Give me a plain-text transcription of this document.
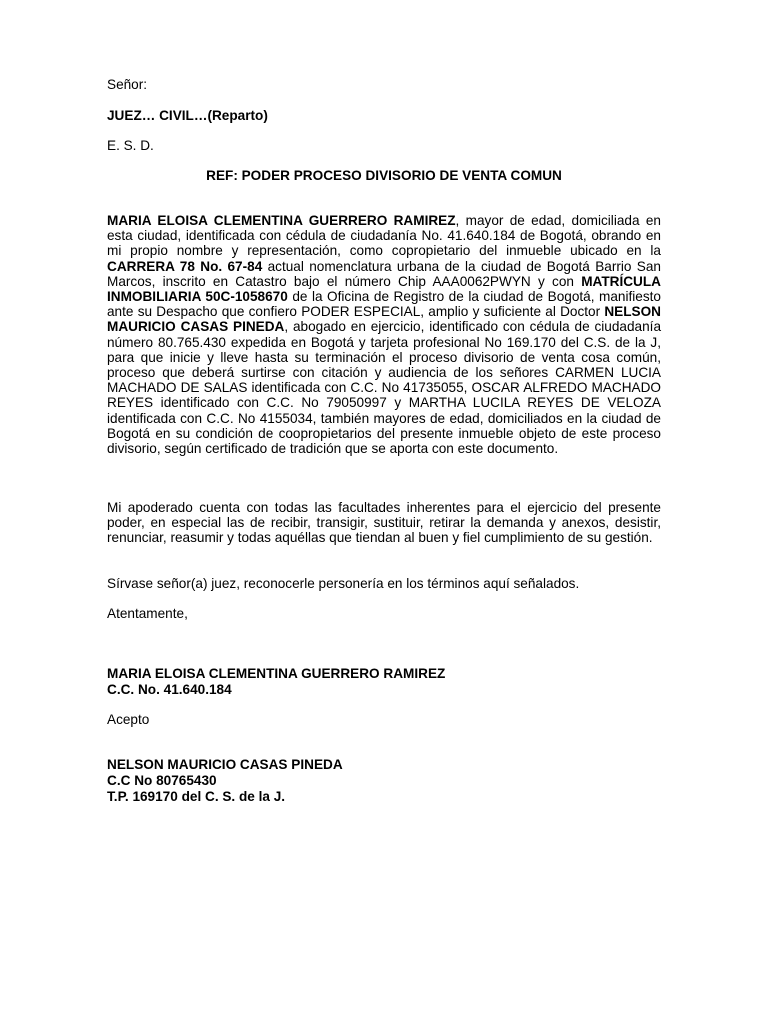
Señor:
JUEZ… CIVIL…(Reparto)
E. S. D.
REF: PODER PROCESO DIVISORIO DE VENTA COMUN
MARIA ELOISA CLEMENTINA GUERRERO RAMIREZ, mayor de edad, domiciliada en esta ciudad, identificada con cédula de ciudadanía No. 41.640.184 de Bogotá, obrando en mi propio nombre y representación, como copropietario del inmueble ubicado en la CARRERA 78 No. 67-84 actual nomenclatura urbana de la ciudad de Bogotá Barrio San Marcos, inscrito en Catastro bajo el número Chip AAA0062PWYN y con MATRÍCULA INMOBILIARIA 50C-1058670 de la Oficina de Registro de la ciudad de Bogotá, manifiesto ante su Despacho que confiero PODER ESPECIAL, amplio y suficiente al Doctor NELSON MAURICIO CASAS PINEDA, abogado en ejercicio, identificado con cédula de ciudadanía número 80.765.430 expedida en Bogotá y tarjeta profesional No 169.170 del C.S. de la J, para que inicie y lleve hasta su terminación el proceso divisorio de venta cosa común, proceso que deberá surtirse con citación y audiencia de los señores CARMEN LUCIA MACHADO DE SALAS identificada con C.C. No 41735055, OSCAR ALFREDO MACHADO REYES identificado con C.C. No 79050997 y MARTHA LUCILA REYES DE VELOZA identificada con C.C. No 4155034, también mayores de edad, domiciliados en la ciudad de Bogotá en su condición de coopropietarios del presente inmueble objeto de este proceso divisorio, según certificado de tradición que se aporta con este documento.
Mi apoderado cuenta con todas las facultades inherentes para el ejercicio del presente poder, en especial las de recibir, transigir, sustituir, retirar la demanda y anexos, desistir, renunciar, reasumir y todas aquéllas que tiendan al buen y fiel cumplimiento de su gestión.
Sírvase señor(a) juez, reconocerle personería en los términos aquí señalados.
Atentamente,
MARIA ELOISA CLEMENTINA GUERRERO RAMIREZ
C.C. No. 41.640.184
Acepto
NELSON MAURICIO CASAS PINEDA
C.C No 80765430
T.P. 169170 del C. S. de la J.
